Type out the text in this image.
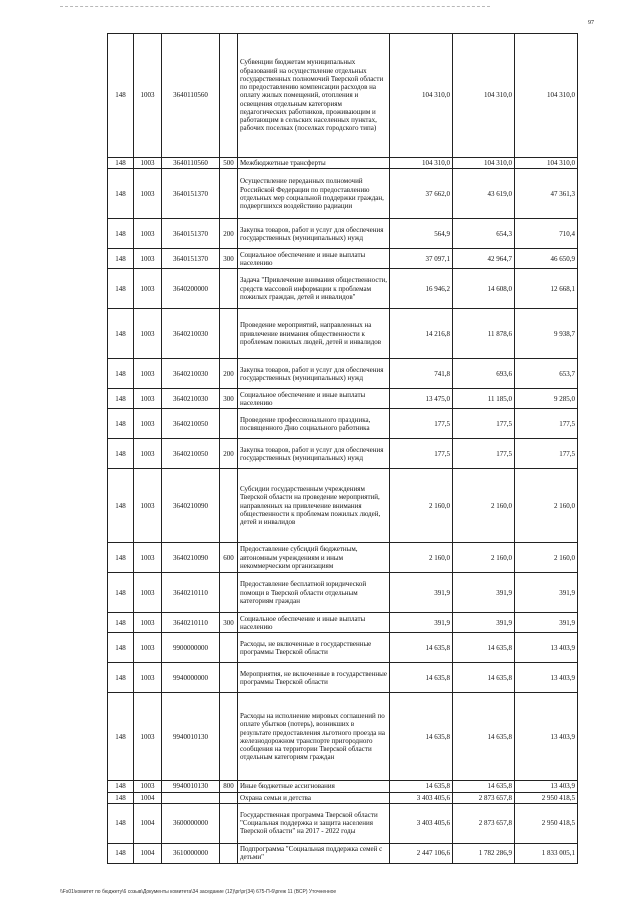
97
148	1003	3640110560		Субвенции бюджетам муниципальных образований на осуществление отдельных государственных полномочий Тверской области по предоставлению компенсации расходов на оплату жилых помещений, отопления и освещения отдельным категориям педагогических работников, проживающим и работающим в сельских населенных пунктах, рабочих поселках (поселках городского типа)	104 310,0	104 310,0	104 310,0
148	1003	3640110560	500	Межбюджетные трансферты	104 310,0	104 310,0	104 310,0
148	1003	3640151370		Осуществление переданных полномочий Российской Федерации по предоставлению отдельных мер социальной поддержки граждан, подвергшихся воздействию радиации	37 662,0	43 619,0	47 361,3
148	1003	3640151370	200	Закупка товаров, работ и услуг для обеспечения государственных (муниципальных) нужд	564,9	654,3	710,4
148	1003	3640151370	300	Социальное обеспечение и иные выплаты населению	37 097,1	42 964,7	46 650,9
148	1003	3640200000		Задача "Привлечение внимания общественности, средств массовой информации к проблемам пожилых граждан, детей и инвалидов"	16 946,2	14 608,0	12 668,1
148	1003	3640210030		Проведение мероприятий, направленных на привлечение внимания общественности к проблемам пожилых людей, детей и инвалидов	14 216,8	11 878,6	9 938,7
148	1003	3640210030	200	Закупка товаров, работ и услуг для обеспечения государственных (муниципальных) нужд	741,8	693,6	653,7
148	1003	3640210030	300	Социальное обеспечение и иные выплаты населению	13 475,0	11 185,0	9 285,0
148	1003	3640210050		Проведение профессионального праздника, посвященного Дню социального работника	177,5	177,5	177,5
148	1003	3640210050	200	Закупка товаров, работ и услуг для обеспечения государственных (муниципальных) нужд	177,5	177,5	177,5
148	1003	3640210090		Субсидии государственным учреждениям Тверской области на проведение мероприятий, направленных на привлечение внимания общественности к проблемам пожилых людей, детей и инвалидов	2 160,0	2 160,0	2 160,0
148	1003	3640210090	600	Предоставление субсидий бюджетным, автономным учреждениям и иным некоммерческим организациям	2 160,0	2 160,0	2 160,0
148	1003	3640210110		Предоставление бесплатной юридической помощи в Тверской области отдельным категориям граждан	391,9	391,9	391,9
148	1003	3640210110	300	Социальное обеспечение и иные выплаты населению	391,9	391,9	391,9
148	1003	9900000000		Расходы, не включенные в государственные программы Тверской области	14 635,8	14 635,8	13 403,9
148	1003	9940000000		Мероприятия, не включенные в государственные программы Тверской области	14 635,8	14 635,8	13 403,9
148	1003	9940010130		Расходы на исполнение мировых соглашений по оплате убытков (потерь), возникших в результате предоставления льготного проезда на железнодорожном транспорте пригородного сообщения на территории Тверской области отдельным категориям граждан	14 635,8	14 635,8	13 403,9
148	1003	9940010130	800	Иные бюджетные ассигнования	14 635,8	14 635,8	13 403,9
148	1004			Охрана семьи и детства	3 403 405,6	2 873 657,8	2 950 418,5
148	1004	3600000000		Государственная программа Тверской области "Социальная поддержка и защита населения Тверской области" на 2017 - 2022 годы	3 403 405,6	2 873 657,8	2 950 418,5
148	1004	3610000000		Подпрограмма "Социальная поддержка семей с детьми"	2 447 106,6	1 782 286,9	1 833 005,1
\\Fs01\комитет по бюджету\6 созыв\Документы комитета\34 заседание (12)\pr\pr(34) 675-П-6\ргеж 11 (ВСР) Уточненное
